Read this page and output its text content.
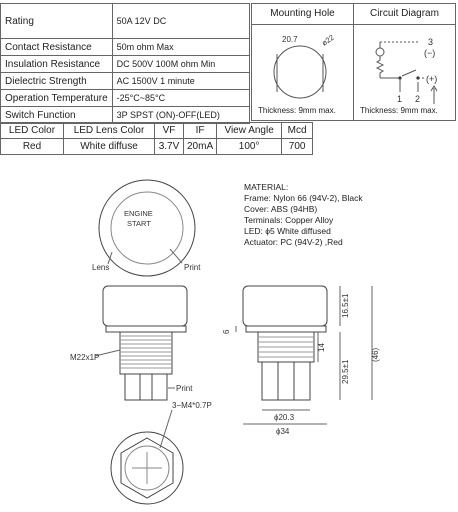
Rating	50A 12V DC
Contact Resistance	50m ohm Max
Insulation Resistance	DC 500V 100M ohm Min
Dielectric Strength	AC 1500V 1 minute
Operation Temperature	-25°C~85°C
Switch Function	3P SPST (ON)-OFF(LED)
Mounting Hole
20.7	ø22
Thickness: 9mm max.
Circuit Diagram
3
(−)
(+)
1 2
Thickness: 9mm max.
LED Color	LED Lens Color	VF	IF	View Angle	Mcd
Red	White diffuse	3.7V	20mA	100°	700
MATERIAL:
Frame: Nylon 66 (94V-2), Black
Cover: ABS (94HB)
Terminals: Copper Alloy
LED: ϕ5 White diffused
Actuator: PC (94V-2) ,Red
ENGINE
START
Lens	Print
M22x1P
Print
3−M4*0.7P
16.5±1
(46)
14
29.5±1
6
ϕ20.3
ϕ34
